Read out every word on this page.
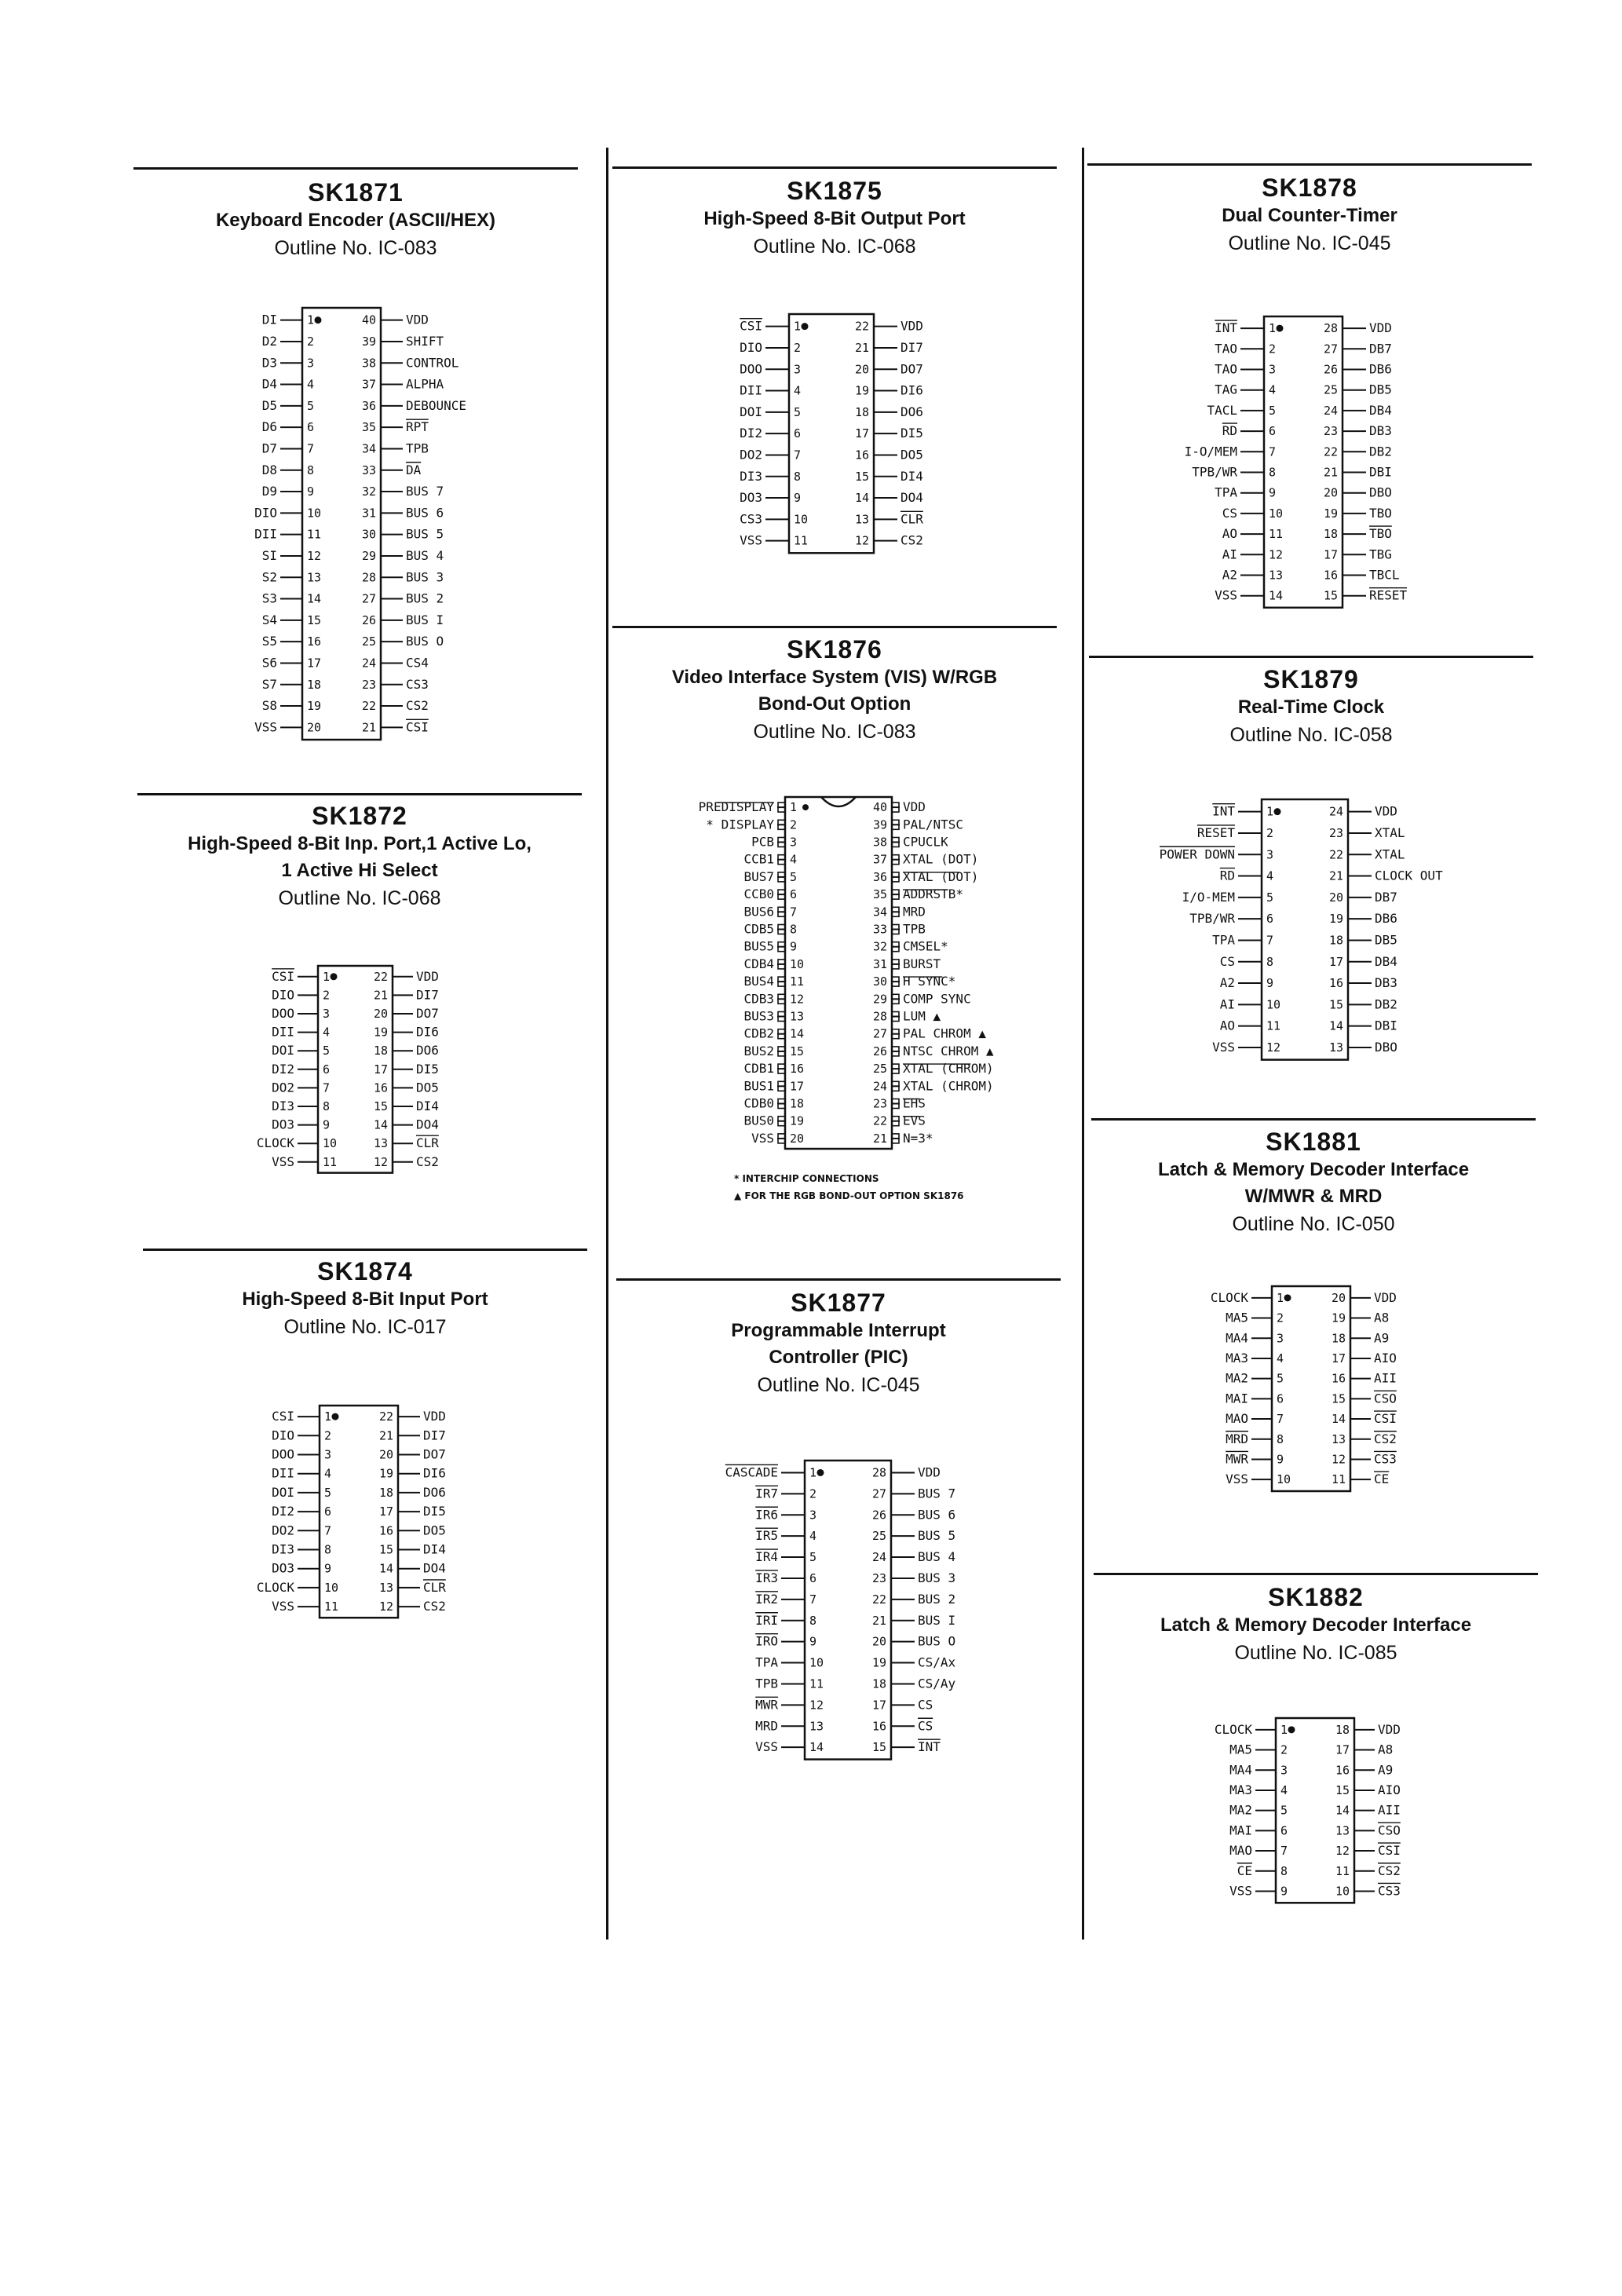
SK1871
Keyboard Encoder (ASCII/HEX)
Outline No. IC-083
1
DI	40 VDD
2
D2	39 SHIFT
3
D3	38 CONTROL
4
D4	37 ALPHA
5
D5	36 DEBOUNCE
6
D6	35 RPT
7
D7	34 TPB
8
D8	33 DA
9
D9	32 BUS 7
10
DIO	31 BUS 6
11
DII	30 BUS 5
12
SI	29 BUS 4
13
S2	28 BUS 3
14
S3	27 BUS 2
15
S4	26 BUS I
16
S5	25 BUS O
17
S6	24 CS4
18
S7	23 CS3
19
S8	22 CS2
20
VSS	21 CSI
SK1872
High-Speed 8-Bit Inp. Port,1 Active Lo,
1 Active Hi Select
Outline No. IC-068
1
CSI	22 VDD
2
DIO	21 DI7
3
DOO	20 DO7
4
DII	19 DI6
5
DOI	18 DO6
6
DI2	17 DI5
7
DO2	16 DO5
8
DI3	15 DI4
9
DO3	14 DO4
10
CLOCK	13 CLR
11
VSS	12 CS2
SK1874
High-Speed 8-Bit Input Port
Outline No. IC-017
1
CSI	22 VDD
2
DIO	21 DI7
3
DOO	20 DO7
4
DII	19 DI6
5
DOI	18 DO6
6
DI2	17 DI5
7
DO2	16 DO5
8
DI3	15 DI4
9
DO3	14 DO4
10
CLOCK	13 CLR
11
VSS	12 CS2
SK1875
High-Speed 8-Bit Output Port
Outline No. IC-068
1
CSI	22	VDD
2
DIO	21	DI7
3
DOO	20	DO7
4
DII	19	DI6
5
DOI	18	DO6
6
DI2	17	DI5
7
DO2	16	DO5
8
DI3	15	DI4
9
DO3	14	DO4
10
CS3	13	CLR
11
VSS	12	CS2
SK1876
Video Interface System (VIS) W/RGB
Bond-Out Option
Outline No. IC-083
1
PREDISPLAY	40 VDD
2
* DISPLAY	39 PAL/NTSC
3
PCB	38 CPUCLK
4
CCB1	37 XTAL (DOT)
5
BUS7	36 XTAL (DOT)
6
CCB0	35 ADDRSTB*
7
BUS6	34 MRD
8
CDB5	33 TPB
9
BUS5	32 CMSEL*
10
CDB4	31 BURST
11
BUS4	30 H SYNC*
12
CDB3	29 COMP SYNC
13
BUS3	28 LUM ▲
14
CDB2	27 PAL CHROM ▲
15
BUS2	26 NTSC CHROM ▲
16
CDB1	25 XTAL (CHROM)
17
BUS1	24 XTAL (CHROM)
18
CDB0	23 EHS
19
BUS0	22 EVS
20
VSS	21 N=3*
* INTERCHIP CONNECTIONS
▲ FOR THE RGB BOND-OUT OPTION SK1876
SK1877
Programmable Interrupt
Controller (PIC)
Outline No. IC-045
1
CASCADE	28	VDD
2
IR7	27	BUS 7
3
IR6	26	BUS 6
4
IR5	25	BUS 5
5
IR4	24	BUS 4
6
IR3	23	BUS 3
7
IR2	22	BUS 2
8
IRI	21	BUS I
9
IRO	20	BUS O
10
TPA	19	CS/Ax
11
TPB	18	CS/Ay
12
MWR	17	CS
13
MRD	16	CS
14
VSS	15	INT
SK1878
Dual Counter-Timer
Outline No. IC-045
1
INT	28	VDD
2
TAO	27	DB7
3
TAO	26	DB6
4
TAG	25	DB5
5
TACL	24	DB4
6
RD	23	DB3
7
I-O/MEM	22	DB2
8
TPB/WR	21	DBI
9
TPA	20	DBO
10
CS	19	TBO
11
AO	18	TBO
12
AI	17	TBG
13
A2	16	TBCL
14
VSS	15	RESET
SK1879
Real-Time Clock
Outline No. IC-058
1
INT	24	VDD
2
RESET	23	XTAL
3
POWER DOWN	22	XTAL
4
RD	21	CLOCK OUT
5
I/O-MEM	20	DB7
6
TPB/WR	19	DB6
7
TPA	18	DB5
8
CS	17	DB4
9
A2	16	DB3
10
AI	15	DB2
11
AO	14	DBI
12
VSS	13	DBO
SK1881
Latch & Memory Decoder Interface
W/MWR & MRD
Outline No. IC-050
1
CLOCK	20 VDD
2
MA5	19 A8
3
MA4	18 A9
4
MA3	17 AIO
5
MA2	16 AII
6
MAI	15 CSO
7
MAO	14 CSI
8
MRD	13 CS2
9
MWR	12 CS3
10
VSS	11 CE
SK1882
Latch & Memory Decoder Interface
Outline No. IC-085
1
CLOCK	18 VDD
2
MA5	17 A8
3
MA4	16 A9
4
MA3	15 AIO
5
MA2	14 AII
6
MAI	13 CSO
7
MAO	12 CSI
8
CE	11 CS2
9
VSS	10 CS3
